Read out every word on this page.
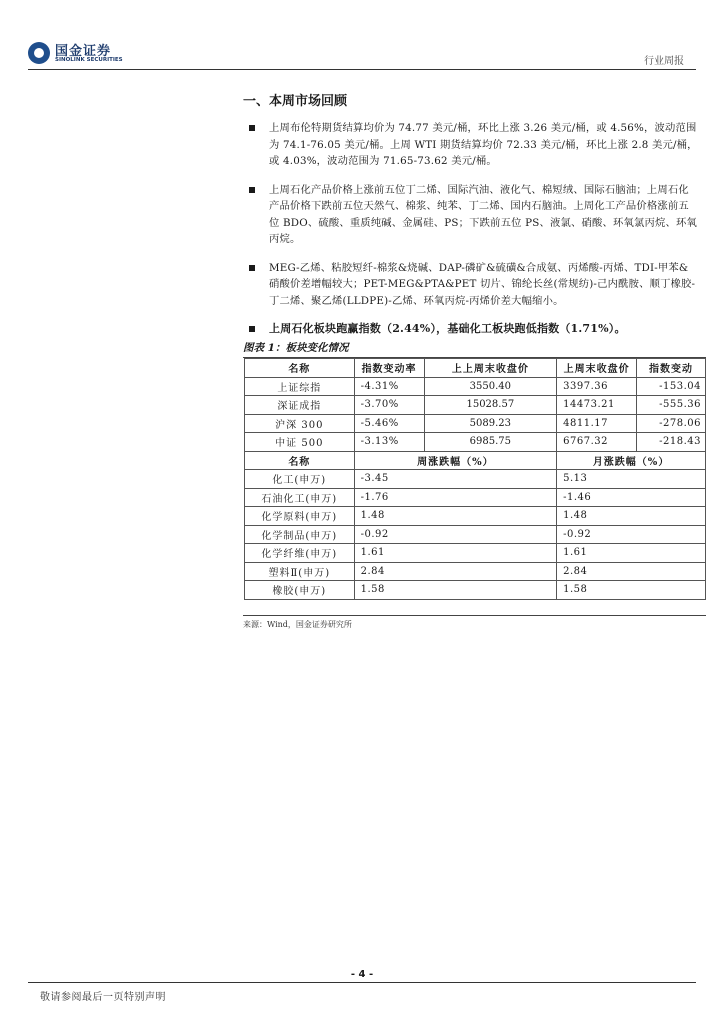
国金证券
SINOLINK SECURITIES	行业周报
一、本周市场回顾
上周布伦特期货结算均价为 74.77 美元/桶，环比上涨 3.26 美元/桶，或 4.56%，波动范围为 74.1-76.05 美元/桶。上周 WTI 期货结算均价 72.33 美元/桶，环比上涨 2.8 美元/桶，或 4.03%，波动范围为 71.65-73.62 美元/桶。
上周石化产品价格上涨前五位丁二烯、国际汽油、液化气、棉短绒、国际石脑油；上周石化产品价格下跌前五位天然气、棉浆、纯苯、丁二烯、国内石脑油。上周化工产品价格涨前五位 BDO、硫酸、重质纯碱、金属硅、PS；下跌前五位 PS、液氯、硝酸、环氧氯丙烷、环氧丙烷。
MEG-乙烯、粘胶短纤-棉浆&烧碱、DAP-磷矿&硫磺&合成氨、丙烯酸-丙烯、TDI-甲苯&硝酸价差增幅较大；PET-MEG&PTA&PET 切片、锦纶长丝(常规纺)-己内酰胺、顺丁橡胶-丁二烯、聚乙烯(LLDPE)-乙烯、环氧丙烷-丙烯价差大幅缩小。
上周石化板块跑赢指数（2.44%），基础化工板块跑低指数（1.71%）。
图表 1：板块变化情况
名称	指数变动率	上上周末收盘价	上周末收盘价	指数变动
上证综指	-4.31%	3550.40	3397.36	-153.04
深证成指	-3.70%	15028.57	14473.21	-555.36
沪深 300	-5.46%	5089.23	4811.17	-278.06
中证 500	-3.13%	6985.75	6767.32	-218.43
名称	周涨跌幅（%）		月涨跌幅（%）	
化工(申万)	-3.45		5.13	
石油化工(申万)	-1.76		-1.46	
化学原料(申万)	1.48		1.48	
化学制品(申万)	-0.92		-0.92	
化学纤维(申万)	1.61		1.61	
塑料Ⅱ(申万)	2.84		2.84	
橡胶(申万)	1.58		1.58	
来源：Wind，国金证券研究所
- 4 -
敬请参阅最后一页特别声明
